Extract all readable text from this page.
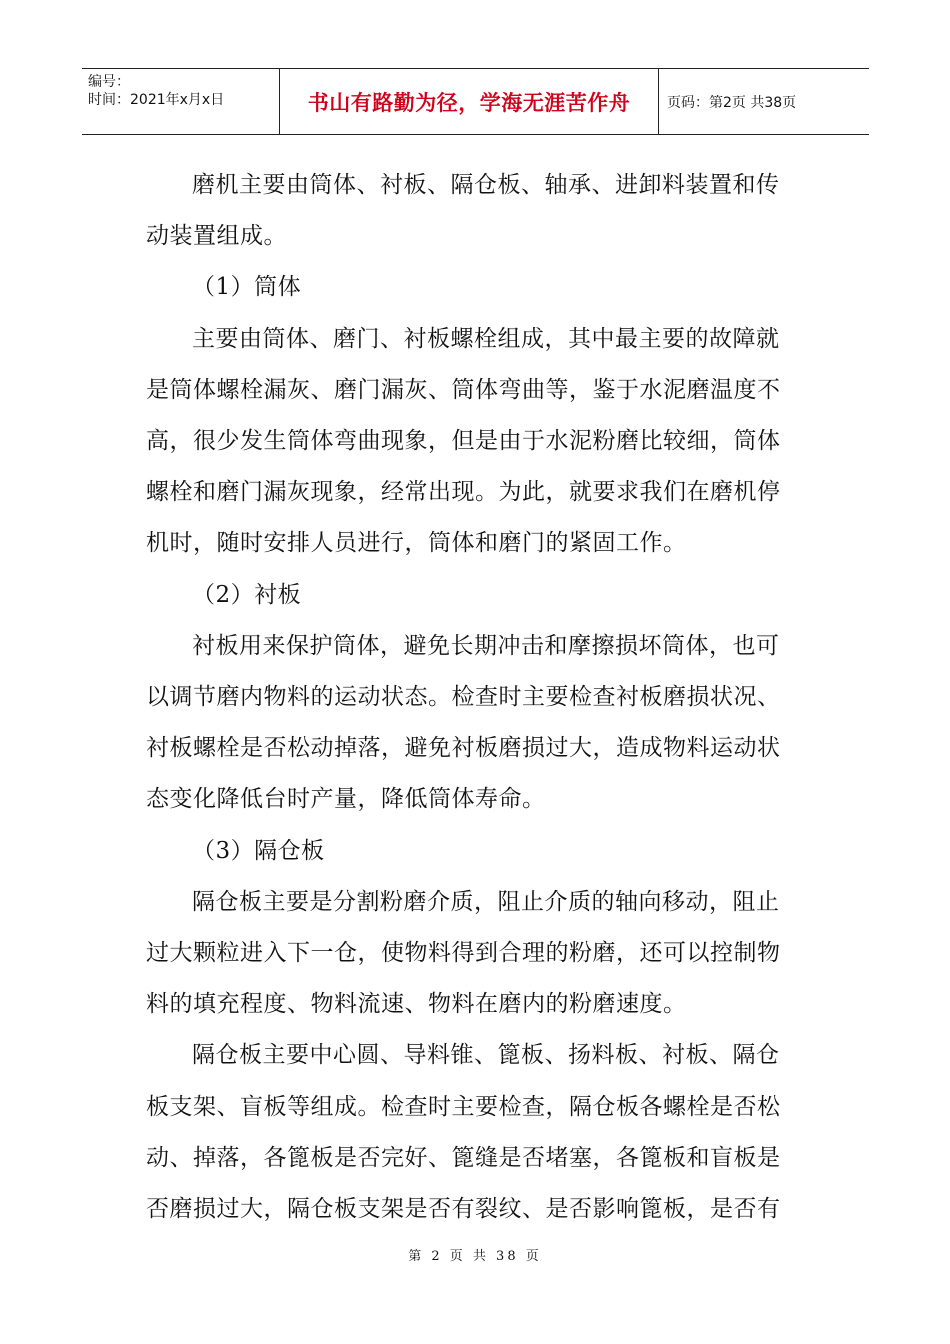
编号：
时间：2021年x月x日	书山有路勤为径，学海无涯苦作舟	页码：第2页 共38页

磨机主要由筒体、衬板、隔仓板、轴承、进卸料装置和传动装置组成。

（1）筒体

主要由筒体、磨门、衬板螺栓组成，其中最主要的故障就是筒体螺栓漏灰、磨门漏灰、筒体弯曲等，鉴于水泥磨温度不高，很少发生筒体弯曲现象，但是由于水泥粉磨比较细，筒体螺栓和磨门漏灰现象，经常出现。为此，就要求我们在磨机停机时，随时安排人员进行，筒体和磨门的紧固工作。

（2）衬板

衬板用来保护筒体，避免长期冲击和摩擦损坏筒体，也可以调节磨内物料的运动状态。检查时主要检查衬板磨损状况、衬板螺栓是否松动掉落，避免衬板磨损过大，造成物料运动状态变化降低台时产量，降低筒体寿命。

（3）隔仓板

隔仓板主要是分割粉磨介质，阻止介质的轴向移动，阻止过大颗粒进入下一仓，使物料得到合理的粉磨，还可以控制物料的填充程度、物料流速、物料在磨内的粉磨速度。

隔仓板主要中心圆、导料锥、篦板、扬料板、衬板、隔仓板支架、盲板等组成。检查时主要检查，隔仓板各螺栓是否松动、掉落，各篦板是否完好、篦缝是否堵塞，各篦板和盲板是否磨损过大，隔仓板支架是否有裂纹、是否影响篦板，是否有

第 2 页 共 38 页
